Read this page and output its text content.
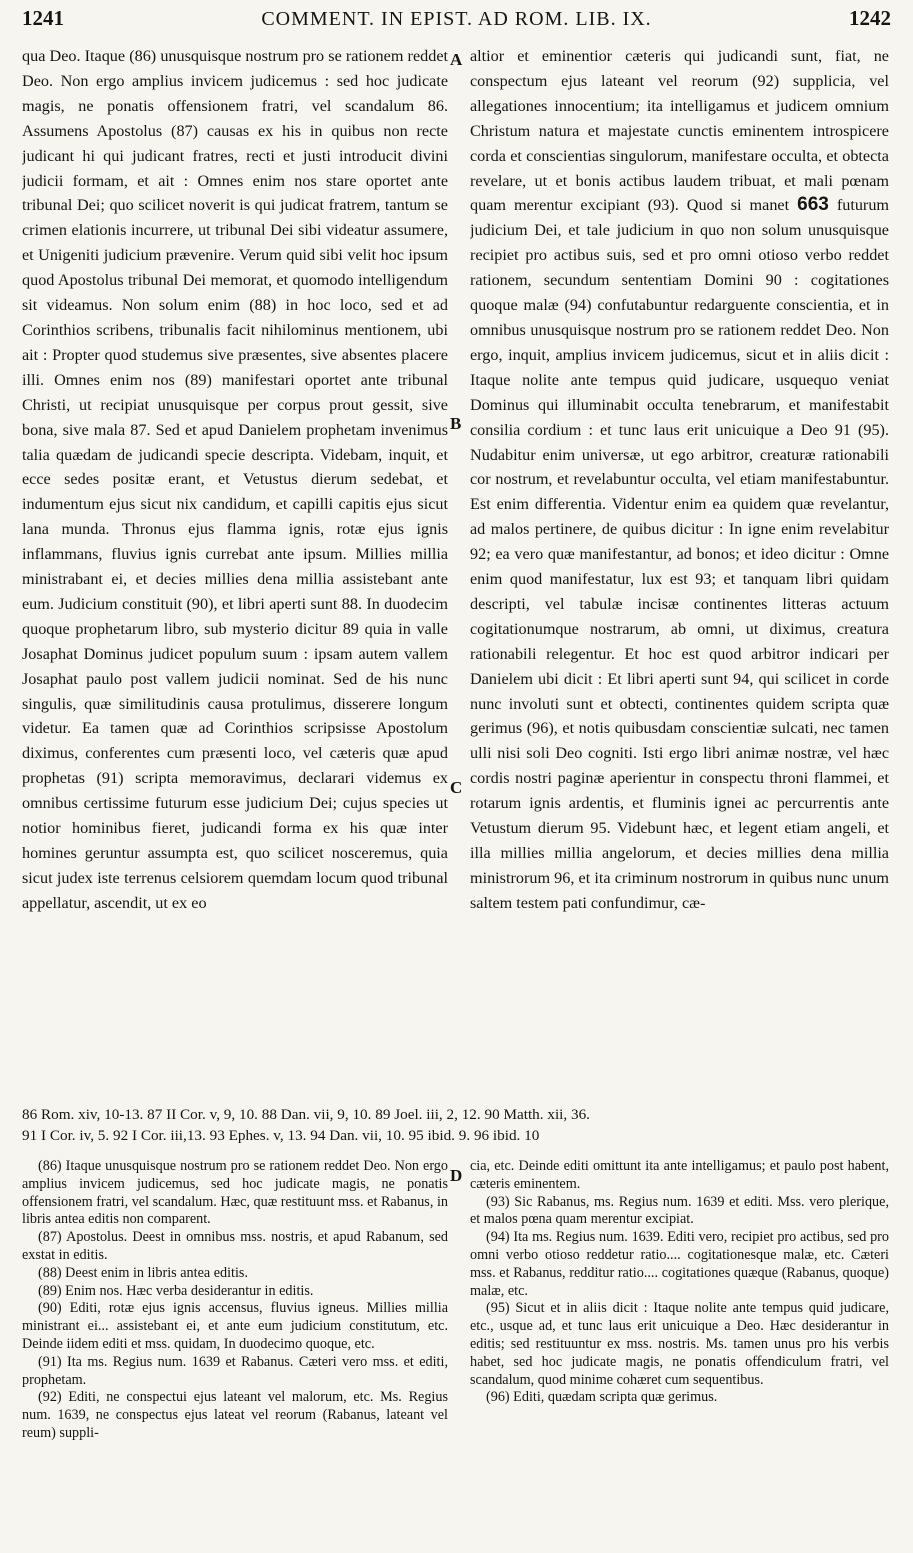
1241	COMMENT. IN EPIST. AD ROM. LIB. IX.	1242

qua Deo. Itaque (86) unusquisque nostrum pro se rationem reddet Deo. Non ergo amplius invicem judicemus : sed hoc judicate magis, ne ponatis offensionem fratri, vel scandalum 86. Assumens Apostolus (87) causas ex his in quibus non recte judicant hi qui judicant fratres, recti et justi introducit divini judicii formam, et ait : Omnes enim nos stare oportet ante tribunal Dei; quo scilicet noverit is qui judicat fratrem, tantum se crimen elationis incurrere, ut tribunal Dei sibi videatur assumere, et Unigeniti judicium prævenire. Verum quid sibi velit hoc ipsum quod Apostolus tribunal Dei memorat, et quomodo intelligendum sit videamus. Non solum enim (88) in hoc loco, sed et ad Corinthios scribens, tribunalis facit nihilominus mentionem, ubi ait : Propter quod studemus sive præsentes, sive absentes placere illi. Omnes enim nos (89) manifestari oportet ante tribunal Christi, ut recipiat unusquisque per corpus prout gessit, sive bona, sive mala 87. Sed et apud Danielem prophetam invenimus talia quædam de judicandi specie descripta. Videbam, inquit, et ecce sedes positæ erant, et Vetustus dierum sedebat, et indumentum ejus sicut nix candidum, et capilli capitis ejus sicut lana munda. Thronus ejus flamma ignis, rotæ ejus ignis inflammans, fluvius ignis currebat ante ipsum. Millies millia ministrabant ei, et decies millies dena millia assistebant ante eum. Judicium constituit (90), et libri aperti sunt 88. In duodecim quoque prophetarum libro, sub mysterio dicitur 89 quia in valle Josaphat Dominus judicet populum suum : ipsam autem vallem Josaphat paulo post vallem judicii nominat. Sed de his nunc singulis, quæ similitudinis causa protulimus, disserere longum videtur. Ea tamen quæ ad Corinthios scripsisse Apostolum diximus, conferentes cum præsenti loco, vel cæteris quæ apud prophetas (91) scripta memoravimus, declarari videmus ex omnibus certissime futurum esse judicium Dei; cujus species ut notior hominibus fieret, judicandi forma ex his quæ inter homines geruntur assumpta est, quo scilicet nosceremus, quia sicut judex iste terrenus celsiorem quemdam locum quod tribunal appellatur, ascendit, ut ex eo

A
B
C

altior et eminentior cæteris qui judicandi sunt, fiat, ne conspectum ejus lateant vel reorum (92) supplicia, vel allegationes innocentium; ita intelligamus et judicem omnium Christum natura et majestate cunctis eminentem introspicere corda et conscientias singulorum, manifestare occulta, et obtecta revelare, ut et bonis actibus laudem tribuat, et mali pœnam quam merentur excipiant (93). Quod si manet 663 futurum judicium Dei, et tale judicium in quo non solum unusquisque recipiet pro actibus suis, sed et pro omni otioso verbo reddet rationem, secundum sententiam Domini 90 : cogitationes quoque malæ (94) confutabuntur redarguente conscientia, et in omnibus unusquisque nostrum pro se rationem reddet Deo. Non ergo, inquit, amplius invicem judicemus, sicut et in aliis dicit : Itaque nolite ante tempus quid judicare, usquequo veniat Dominus qui illuminabit occulta tenebrarum, et manifestabit consilia cordium : et tunc laus erit unicuique a Deo 91 (95). Nudabitur enim universæ, ut ego arbitror, creaturæ rationabili cor nostrum, et revelabuntur occulta, vel etiam manifestabuntur. Est enim differentia. Videntur enim ea quidem quæ revelantur, ad malos pertinere, de quibus dicitur : In igne enim revelabitur 92; ea vero quæ manifestantur, ad bonos; et ideo dicitur : Omne enim quod manifestatur, lux est 93; et tanquam libri quidam descripti, vel tabulæ incisæ continentes litteras actuum cogitationumque nostrarum, ab omni, ut diximus, creatura rationabili relegentur. Et hoc est quod arbitror indicari per Danielem ubi dicit : Et libri aperti sunt 94, qui scilicet in corde nunc involuti sunt et obtecti, continentes quidem scripta quæ gerimus (96), et notis quibusdam conscientiæ sulcati, nec tamen ulli nisi soli Deo cogniti. Isti ergo libri animæ nostræ, vel hæc cordis nostri paginæ aperientur in conspectu throni flammei, et rotarum ignis ardentis, et fluminis ignei ac percurrentis ante Vetustum dierum 95. Videbunt hæc, et legent etiam angeli, et illa millies millia angelorum, et decies millies dena millia ministrorum 96, et ita criminum nostrorum in quibus nunc unum saltem testem pati confundimur, cæ-

86 Rom. xiv, 10-13. 87 II Cor. v, 9, 10. 88 Dan. vii, 9, 10. 89 Joel. iii, 2, 12. 90 Matth. xii, 36.
91 I Cor. iv, 5. 92 I Cor. iii,13. 93 Ephes. v, 13. 94 Dan. vii, 10. 95 ibid. 9. 96 ibid. 10

(86) Itaque unusquisque nostrum pro se rationem reddet Deo. Non ergo amplius invicem judicemus, sed hoc judicate magis, ne ponatis offensionem fratri, vel scandalum. Hæc, quæ restituunt mss. et Rabanus, in libris antea editis non comparent.

(87) Apostolus. Deest in omnibus mss. nostris, et apud Rabanum, sed exstat in editis.

(88) Deest enim in libris antea editis.

(89) Enim nos. Hæc verba desiderantur in editis.

(90) Editi, rotæ ejus ignis accensus, fluvius igneus. Millies millia ministrant ei... assistebant ei, et ante eum judicium constitutum, etc. Deinde iidem editi et mss. quidam, In duodecimo quoque, etc.

(91) Ita ms. Regius num. 1639 et Rabanus. Cæteri vero mss. et editi, prophetam.

(92) Editi, ne conspectui ejus lateant vel malorum, etc. Ms. Regius num. 1639, ne conspectus ejus lateat vel reorum (Rabanus, lateant vel reum) suppli-

D cia, etc. Deinde editi omittunt ita ante intelligamus; et paulo post habent, cæteris eminentem.

(93) Sic Rabanus, ms. Regius num. 1639 et editi. Mss. vero plerique, et malos pœna quam merentur excipiat.

(94) Ita ms. Regius num. 1639. Editi vero, recipiet pro actibus, sed pro omni verbo otioso reddetur ratio.... cogitationesque malæ, etc. Cæteri mss. et Rabanus, redditur ratio.... cogitationes quæque (Rabanus, quoque) malæ, etc.

(95) Sicut et in aliis dicit : Itaque nolite ante tempus quid judicare, etc., usque ad, et tunc laus erit unicuique a Deo. Hæc desiderantur in editis; sed restituuntur ex mss. nostris. Ms. tamen unus pro his verbis habet, sed hoc judicate magis, ne ponatis offendiculum fratri, vel scandalum, quod minime cohæret cum sequentibus.

(96) Editi, quædam scripta quæ gerimus.
